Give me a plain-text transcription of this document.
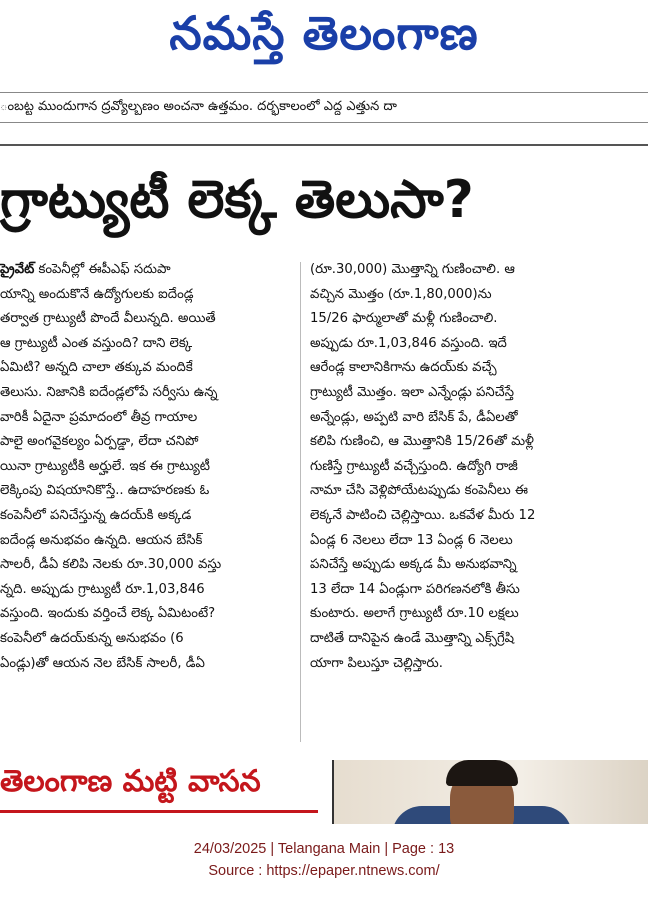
నమస్తే తెలంగాణ
ంబట్ట ముందుగాన ద్రవ్యోల్బణం అంచనా ఉత్తమం. దర్భకాలంలో ఎద్ద ఎత్తున దా
గ్రాట్యుటీ లెక్క తెలుసా?
ప్రైవేట్ కంపెనీల్లో ఈపీఎఫ్ సదుపా
యాన్ని అందుకొనే ఉద్యోగులకు ఐదేండ్ల
తర్వాత గ్రాట్యుటీ పొందే వీలున్నది. అయితే
ఆ గ్రాట్యుటీ ఎంత వస్తుంది? దాని లెక్క
ఏమిటి? అన్నది చాలా తక్కువ మందికే
తెలుసు. నిజానికి ఐదేండ్లలోపే సర్వీసు ఉన్న
వారికీ ఏదైనా ప్రమాదంలో తీవ్ర గాయాల
పాలై అంగవైకల్యం ఏర్పడ్డా, లేదా చనిపో
యినా గ్రాట్యుటీకి అర్హులే. ఇక ఈ గ్రాట్యుటీ
లెక్కింపు విషయానికొస్తే.. ఉదాహరణకు ఓ
కంపెనీలో పనిచేస్తున్న ఉదయ్‌కి అక్కడ
ఐదేండ్ల అనుభవం ఉన్నది. ఆయన బేసిక్
సాలరీ, డీఏ కలిపి నెలకు రూ.30,000 వస్తు
న్నది. అప్పుడు గ్రాట్యుటీ రూ.1,03,846
వస్తుంది. ఇందుకు వర్తించే లెక్క ఏమిటంటే?
కంపెనీలో ఉదయ్‌కున్న అనుభవం (6
ఏండ్లు)తో ఆయన నెల బేసిక్ సాలరీ, డీఏ
(రూ.30,000) మొత్తాన్ని గుణించాలి. ఆ
వచ్చిన మొత్తం (రూ.1,80,000)ను
15/26 ఫార్ములాతో మళ్లీ గుణించాలి.
అప్పుడు రూ.1,03,846 వస్తుంది. ఇదే
ఆరేండ్ల కాలానికిగాను ఉదయ్‌కు వచ్చే
గ్రాట్యుటీ మొత్తం. ఇలా ఎన్నేండ్లు పనిచేస్తే
అన్నేండ్లు, అప్పటి వారి బేసిక్ పే, డీఏలతో
కలిపి గుణించి, ఆ మొత్తానికి 15/26తో మళ్లీ
గుణిస్తే గ్రాట్యుటీ వచ్చేస్తుంది. ఉద్యోగి రాజీ
నామా చేసి వెళ్లిపోయేటప్పుడు కంపెనీలు ఈ
లెక్కనే పాటించి చెల్లిస్తాయి. ఒకవేళ మీరు 12
ఏండ్ల 6 నెలలు లేదా 13 ఏండ్ల 6 నెలలు
పనిచేస్తే అప్పుడు అక్కడ మీ అనుభవాన్ని
13 లేదా 14 ఏండ్లుగా పరిగణనలోకి తీసు
కుంటారు. అలాగే గ్రాట్యుటీ రూ.10 లక్షలు
దాటితే దానిపైన ఉండే మొత్తాన్ని ఎక్స్‌గ్రేషి
యాగా పిలుస్తూ చెల్లిస్తారు.
తెలంగాణ మట్టి వాసన
24/03/2025 | Telangana Main | Page : 13
Source : https://epaper.ntnews.com/
